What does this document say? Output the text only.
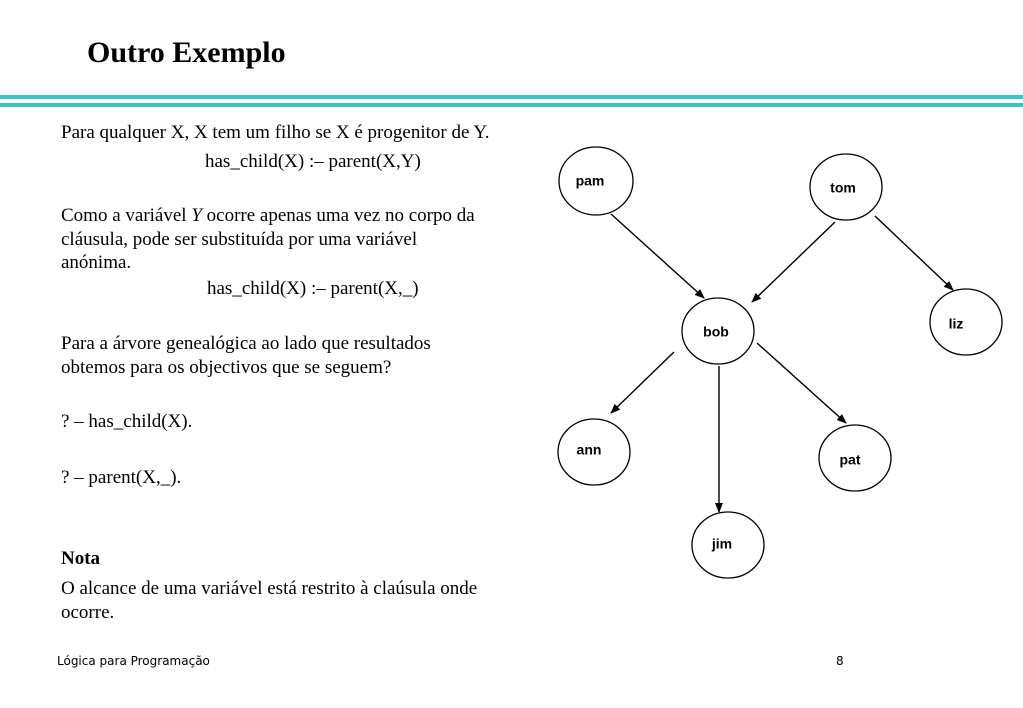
Outro Exemplo

Para qualquer X, X tem um filho se X é progenitor de Y.

has_child(X) :– parent(X,Y)

Como a variável Y ocorre apenas uma vez no corpo da

cláusula, pode ser substituída por uma variável

anónima.

has_child(X) :– parent(X,_)

Para a árvore genealógica ao lado que resultados

obtemos para os objectivos que se seguem?

? – has_child(X).

? – parent(X,_).

Nota

O alcance de uma variável está restrito à claúsula onde

ocorre.

pam	tom
bob	liz
ann
pat
jim
Lógica para Programação	8
